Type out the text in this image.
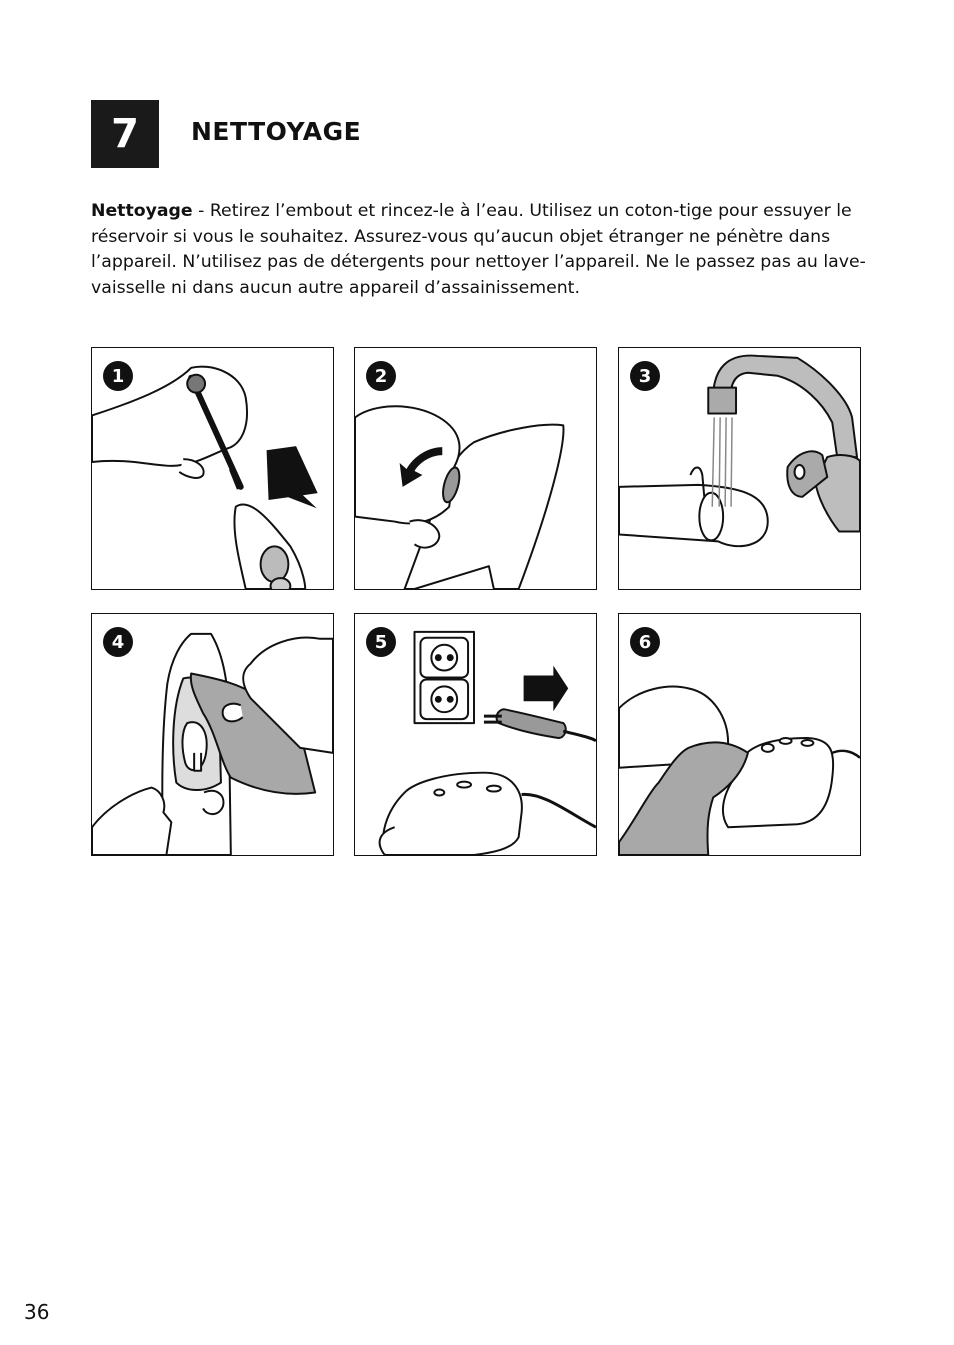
7	NETTOYAGE

Nettoyage - Retirez l’embout et rincez-le à l’eau. Utilisez un coton-tige pour essuyer le réservoir si vous le souhaitez. Assurez-vous qu’aucun objet étranger ne pénètre dans l’appareil. N’utilisez pas de détergents pour nettoyer l’appareil. Ne le passez pas au lave-vaisselle ni dans aucun autre appareil d’assainissement.

1	2	3
4	5	6
36
